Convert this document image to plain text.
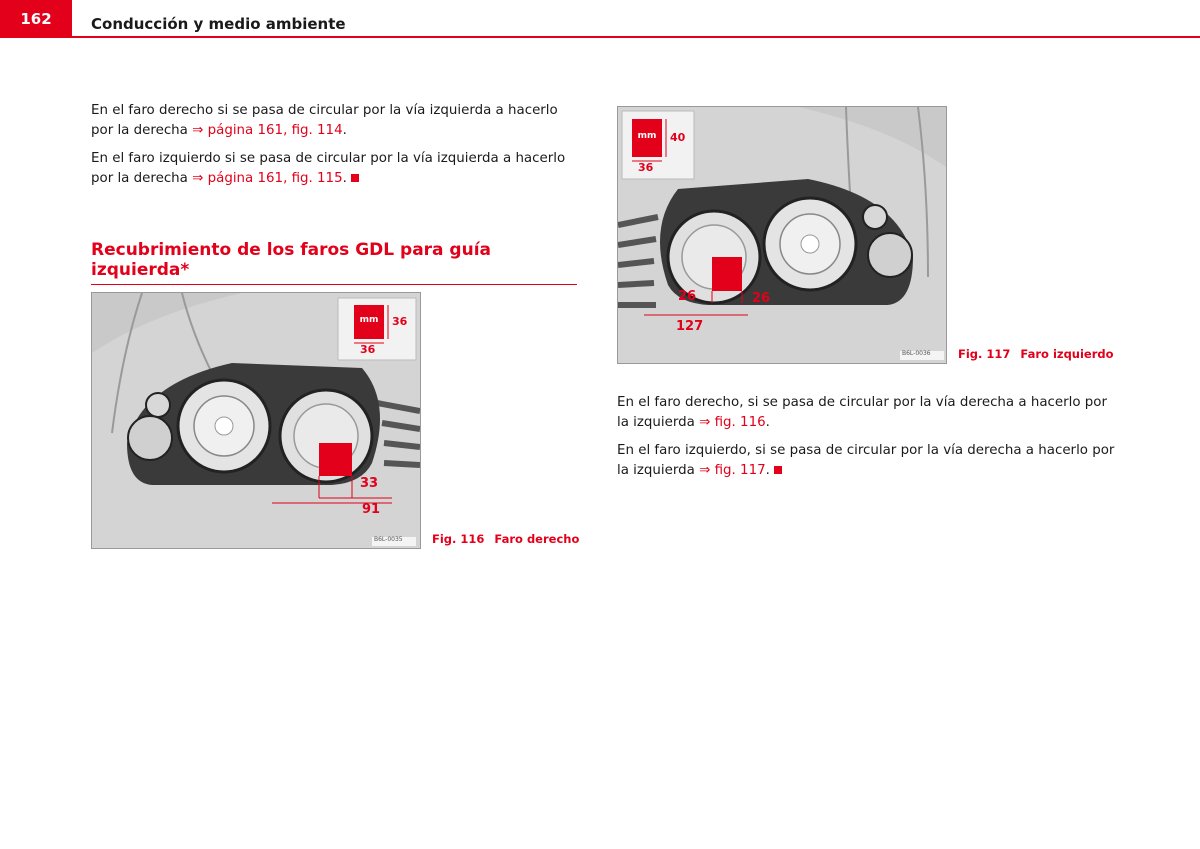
162	Conducción y medio ambiente

En el faro derecho si se pasa de circular por la vía izquierda a hacerlo por la derecha ⇒ página 161, fig. 114.

En el faro izquierdo si se pasa de circular por la vía izquierda a hacerlo por la derecha ⇒ página 161, fig. 115.

Recubrimiento de los faros GDL para guía izquierda*
mm	36
36
33
91
B6L-0035	Fig. 116 Faro derecho
mm	40
36
26	26
127
B6L-0036 Fig. 117 Faro izquierdo

En el faro derecho, si se pasa de circular por la vía derecha a hacerlo por la izquierda ⇒ fig. 116.

En el faro izquierdo, si se pasa de circular por la vía derecha a hacerlo por la izquierda ⇒ fig. 117.
